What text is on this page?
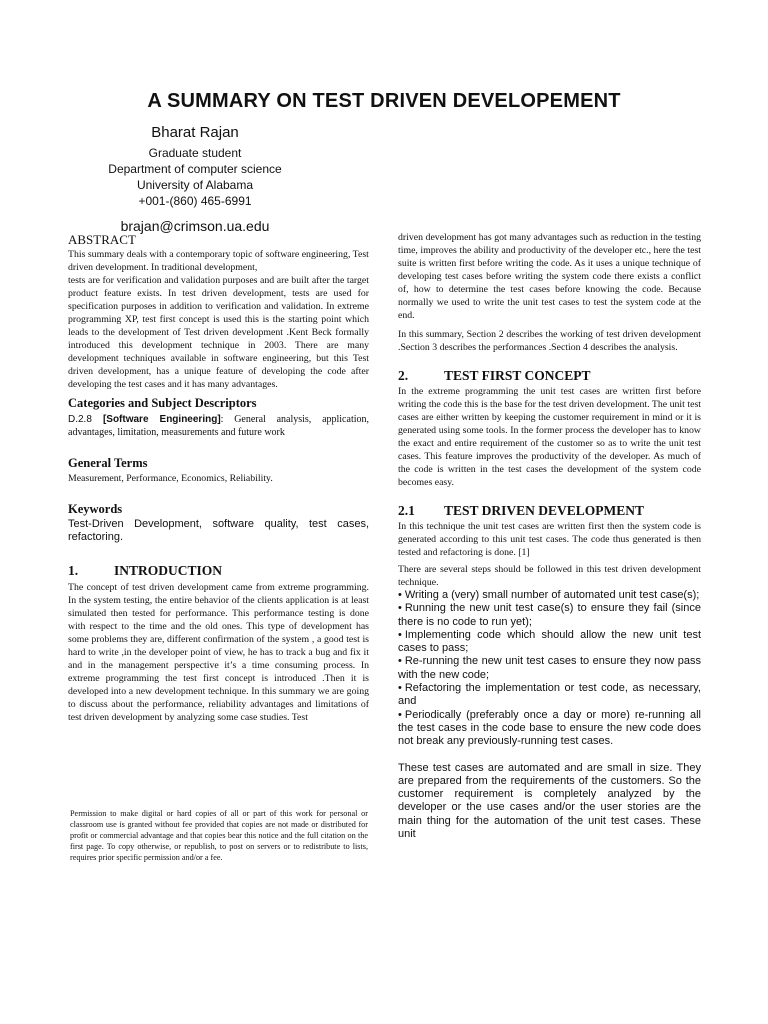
A SUMMARY ON TEST DRIVEN DEVELOPEMENT
Bharat Rajan
Graduate student
Department of computer science
University of Alabama
+001-(860) 465-6991
brajan@crimson.ua.edu
ABSTRACT

This summary deals with a contemporary topic of software engineering, Test driven development. In traditional development,

tests are for verification and validation purposes and are built after the target product feature exists. In test driven development, tests are used for specification purposes in addition to verification and validation. In extreme programming XP, test first concept is used this is the starting point which leads to the development of Test driven development .Kent Beck formally introduced this development technique in 2003. There are many development techniques available in software engineering, but this Test driven development, has a unique feature of developing the code after developing the test cases and it has many advantages.

Categories and Subject Descriptors
D.2.8 [Software Engineering]: General analysis, application, advantages, limitation, measurements and future work
General Terms

Measurement, Performance, Economics, Reliability.

Keywords
Test-Driven Development, software quality, test cases, refactoring.
1.	INTRODUCTION

The concept of test driven development came from extreme programming. In the system testing, the entire behavior of the clients application is at least simulated then tested for performance. This performance testing is done with respect to the time and the old ones. This type of development has some problems they are, different confirmation of the system , a good test is hard to write ,in the developer point of view, he has to track a bug and fix it and in the management perspective it’s a time consuming process. In extreme programming the test first concept is introduced .Then it is developed into a new development technique. In this summary we are going to discuss about the performance, reliability advantages and limitations of test driven development by analyzing some case studies. Test

Permission to make digital or hard copies of all or part of this work for personal or classroom use is granted without fee provided that copies are not made or distributed for profit or commercial advantage and that copies bear this notice and the full citation on the first page. To copy otherwise, or republish, to post on servers or to redistribute to lists, requires prior specific permission and/or a fee.

driven development has got many advantages such as reduction in the testing time, improves the ability and productivity of the developer etc., here the test suite is written first before writing the code. As it uses a unique technique of developing test cases before writing the system code there exists a conflict of, how to determine the test cases before knowing the code. Because normally we used to write the unit test cases to test the system code at the end.

In this summary, Section 2 describes the working of test driven development .Section 3 describes the performances .Section 4 describes the analysis.

2.	TEST FIRST CONCEPT

In the extreme programming the unit test cases are written first before writing the code this is the base for the test driven development. The unit test cases are either written by keeping the customer requirement in mind or it is generated using some tools. In the former process the developer has to know the exact and entire requirement of the customer so as to write the unit test cases. This feature improves the productivity of the developer. As much of the code is written in the test cases the development of the system code becomes easy.

2.1 TEST DRIVEN DEVELOPMENT

In this technique the unit test cases are written first then the system code is generated according to this unit test cases. The code thus generated is then tested and refactoring is done. [1]

There are several steps should be followed in this test driven development technique.

• Writing a (very) small number of automated unit test case(s);
• Running the new unit test case(s) to ensure they fail (since there is no code to run yet);
• Implementing code which should allow the new unit test cases to pass;
• Re-running the new unit test cases to ensure they now pass with the new code;
• Refactoring the implementation or test code, as necessary, and
• Periodically (preferably once a day or more) re-running all the test cases in the code base to ensure the new code does not break any previously-running test cases.
These test cases are automated and are small in size. They are prepared from the requirements of the customers. So the customer requirement is completely analyzed by the developer or the use cases and/or the user stories are the main thing for the automation of the unit test cases. These unit
